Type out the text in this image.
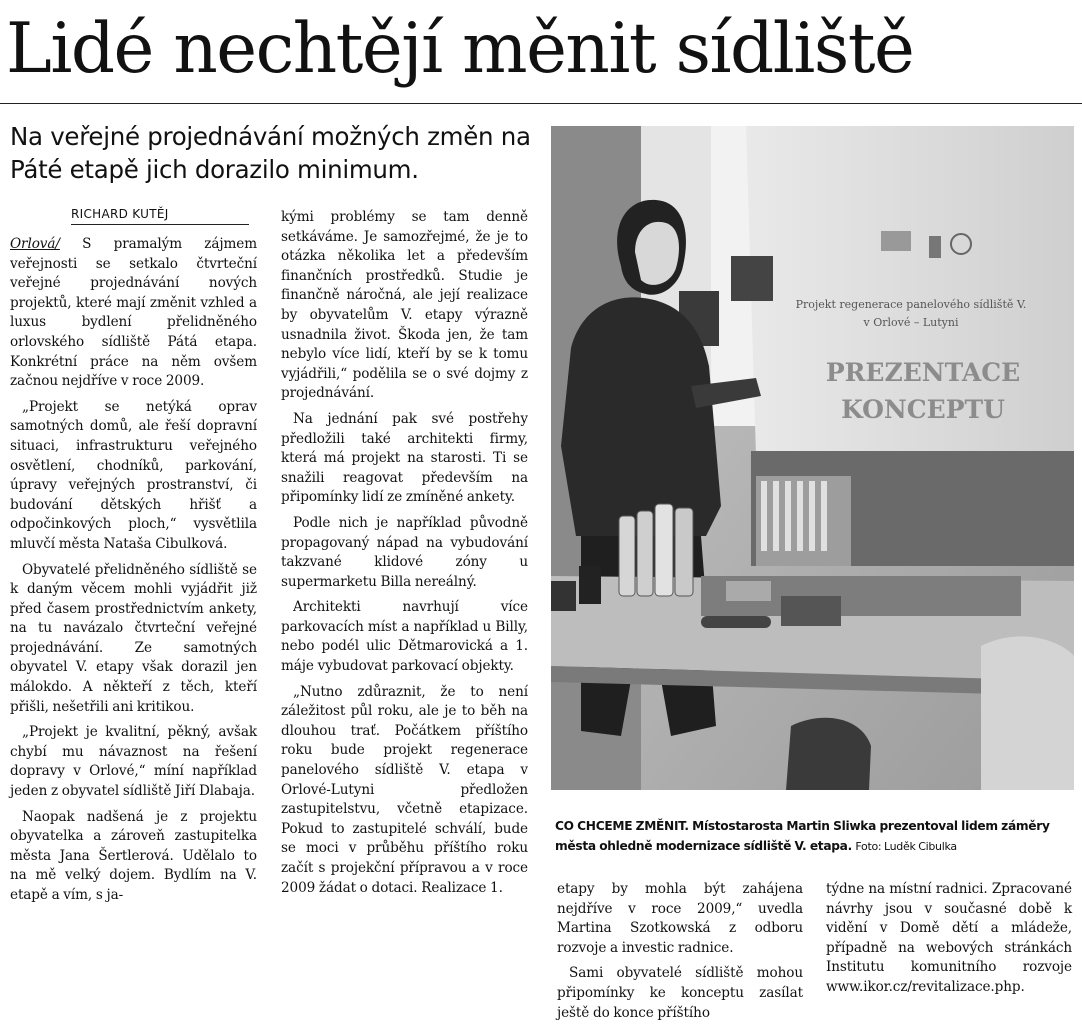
Lidé nechtějí měnit sídliště
Na veřejné projednávání možných změn na Páté etapě jich dorazilo minimum.
RICHARD KUTĚJ

Orlová/ S pramalým zájmem veřejnosti se setkalo čtvrteční veřejné projednávání nových projektů, které mají změnit vzhled a luxus bydlení přelidněného orlovského sídliště Pátá etapa. Konkrétní práce na něm ovšem začnou nejdříve v roce 2009.

„Projekt se netýká oprav samotných domů, ale řeší dopravní situaci, infrastrukturu veřejného osvětlení, chodníků, parkování, úpravy veřejných prostranství, či budování dětských hřišť a odpočinkových ploch,“ vysvětlila mluvčí města Nataša Cibulková.

Obyvatelé přelidněného sídliště se k daným věcem mohli vyjádřit již před časem prostřednictvím ankety, na tu navázalo čtvrteční veřejné projednávání. Ze samotných obyvatel V. etapy však dorazil jen málokdo. A někteří z těch, kteří přišli, nešetřili ani kritikou.

„Projekt je kvalitní, pěkný, avšak chybí mu návaznost na řešení dopravy v Orlové,“ míní například jeden z obyvatel sídliště Jiří Dlabaja.

Naopak nadšená je z projektu obyvatelka a zároveň zastupitelka města Jana Šertlerová. Udělalo to na mě velký dojem. Bydlím na V. etapě a vím, s ja-

kými problémy se tam denně setkáváme. Je samozřejmé, že je to otázka několika let a především finančních prostředků. Studie je finančně náročná, ale její realizace by obyvatelům V. etapy výrazně usnadnila život. Škoda jen, že tam nebylo více lidí, kteří by se k tomu vyjádřili,“ podělila se o své dojmy z projednávání.

Na jednání pak své postřehy předložili také architekti firmy, která má projekt na starosti. Ti se snažili reagovat především na připomínky lidí ze zmíněné ankety.

Podle nich je například původně propagovaný nápad na vybudování takzvané klidové zóny u supermarketu Billa nereálný.

Architekti navrhují více parkovacích míst a například u Billy, nebo podél ulic Dětmarovická a 1. máje vybudovat parkovací objekty.

„Nutno zdůraznit, že to není záležitost půl roku, ale je to běh na dlouhou trať. Počátkem příštího roku bude projekt regenerace panelového sídliště V. etapa v Orlové-Lutyni předložen zastupitelstvu, včetně etapizace. Pokud to zastupitelé schválí, bude se moci v průběhu příštího roku začít s projekční přípravou a v roce 2009 žádat o dotaci. Realizace 1.

Projekt regenerace panelového sídliště V.
v Orlové – Lutyni
PREZENTACE
KONCEPTU
CO CHCEME ZMĚNIT. Místostarosta Martin Sliwka prezentoval lidem záměry města ohledně modernizace sídliště V. etapa. Foto: Luděk Cibulka

etapy by mohla být zahájena nejdříve v roce 2009,“ uvedla Martina Szotkowská z odboru rozvoje a investic radnice.

Sami obyvatelé sídliště mohou připomínky ke konceptu zasílat ještě do konce příštího

týdne na místní radnici. Zpracované návrhy jsou v současné době k vidění v Domě dětí a mládeže, případně na webových stránkách Institutu komunitního rozvoje www.ikor.cz/revitalizace.php.
